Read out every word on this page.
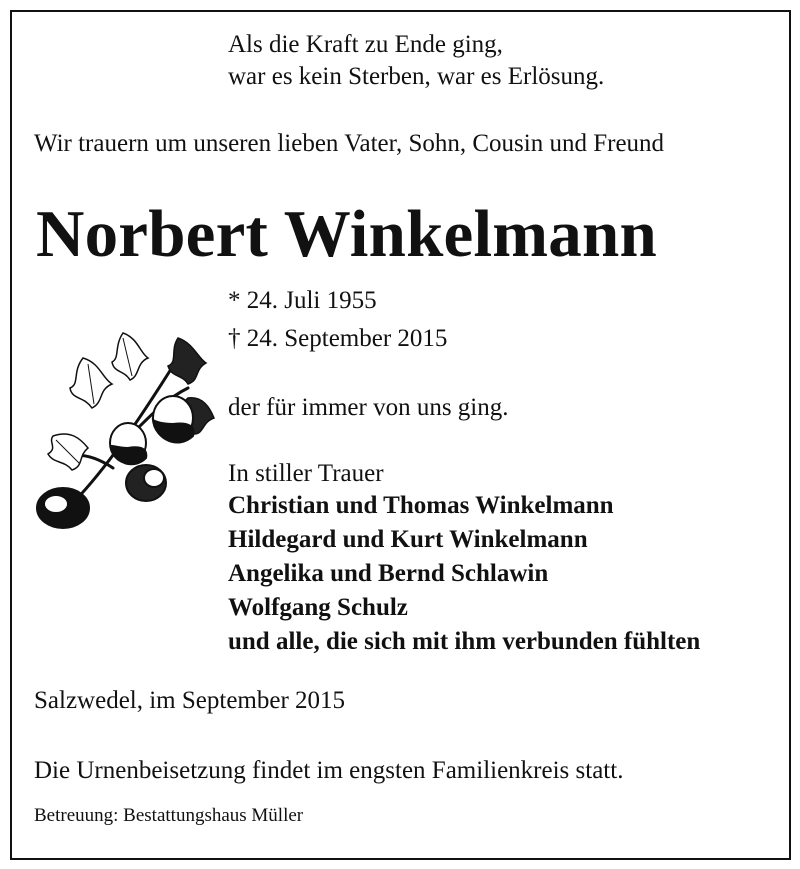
Als die Kraft zu Ende ging,
war es kein Sterben, war es Erlösung.
Wir trauern um unseren lieben Vater, Sohn, Cousin und Freund
Norbert Winkelmann
* 24. Juli 1955
† 24. September 2015
der für immer von uns ging.
In stiller Trauer
Christian und Thomas Winkelmann
Hildegard und Kurt Winkelmann
Angelika und Bernd Schlawin
Wolfgang Schulz
und alle, die sich mit ihm verbunden fühlten
Salzwedel, im September 2015
Die Urnenbeisetzung findet im engsten Familienkreis statt.
Betreuung: Bestattungshaus Müller
